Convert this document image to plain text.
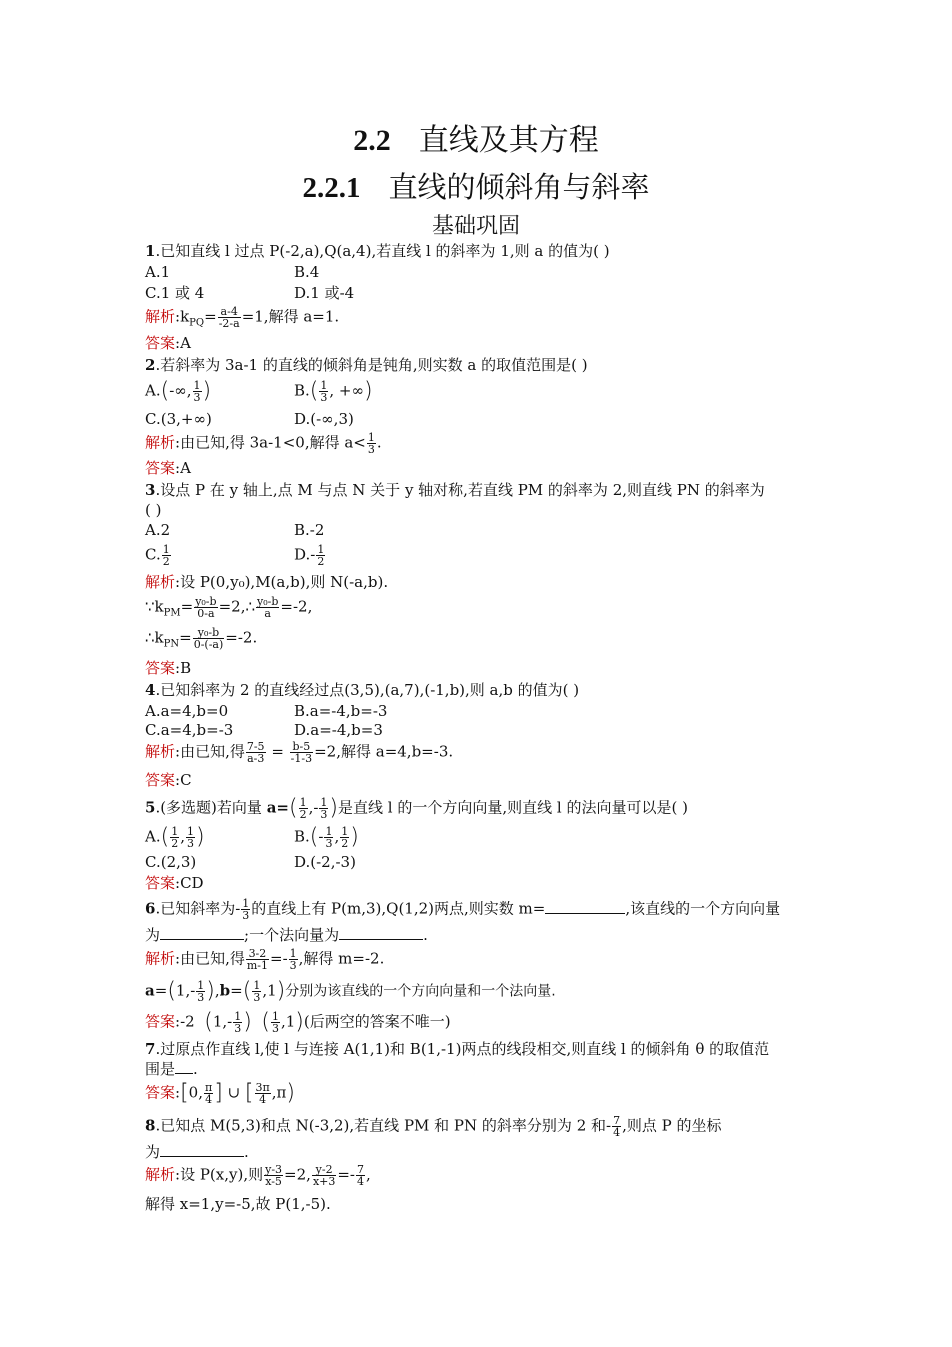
2.2 直线及其方程
2.2.1 直线的倾斜角与斜率
基础巩固
1.已知直线 l 过点 P(-2,a),Q(a,4),若直线 l 的斜率为 1,则 a 的值为( )
A.1	B.4
C.1 或 4	D.1 或-4
解析$:k_{PQ}= \frac{a-4}{-2-a} =1$,解得 a=1.
答案:A
2.若斜率为 3a-1 的直线的倾斜角是钝角,则实数 a 的取值范围是( )
A.(-∞, $\frac{1}{3}$ )	$B.( \frac{1}{3}$ , +∞)
C.(3,+∞)	D.(-∞,3)
解析:由已知,得 3a-1<0,解得 $a< \frac{1}{3}$ .
答案:A
3.设点 P 在 y 轴上,点 M 与点 N 关于 y 轴对称,若直线 PM 的斜率为 2,则直线 PN 的斜率为
( )
A.2	B.-2
C. $\frac{1}{2}$	$D.- \frac{1}{2}$
解析:设 P(0,y₀),M(a,b),则 N(-a,b).
$\because k_{PM}= \frac{\text{y₀-b}}{0-a}$ =2,∴ $\frac{\text{y₀-b}}{a} =-2$,
$\therefore k_{PN}= \frac{\text{y₀-b}}{0-(-a)} =-2$.
答案:B
4.已知斜率为 2 的直线经过点(3,5),(a,7),(-1,b),则 a,b 的值为( )
A.a=4,b=0	B.a=-4,b=-3
C.a=4,b=-3	D.a=-4,b=3
解析:由已知,得 $\frac{7-5}{a-3} = \frac{b-5}{-1-3} =2$,解得 a=4,b=-3.
答案:C
5.(多选题)若向量 $a=( \frac{1}{2}$ ,- $\frac{1}{3}$ )是直线 l 的一个方向向量,则直线 l 的法向量可以是( )
$A.( \frac{1}{2}$ , $\frac{1}{3}$ )	$B.(- \frac{1}{3}$ , $\frac{1}{2}$ )
C.(2,3)	D.(-2,-3)
答案:CD
6.已知斜率为- $\frac{1}{3}$ 的直线上有 P(m,3),Q(1,2)两点,则实数 m=	,该直线的一个方向向量
为	;一个法向量为	.
解析:由已知,得 $\frac{3-2}{m-1} =- \frac{1}{3}$ ,解得 m=-2.
$a=(1,- \frac{1}{3} ),b=( \frac{1}{3} ,1)$分别为该直线的一个方向向量和一个法向量.
答案:-2 ($1,- \frac{1}{3}$ ) ( $\frac{1}{3} ,1$)(后两空的答案不唯一)
7.过原点作直线 l,使 l 与连接 A(1,1)和 B(1,-1)两点的线段相交,则直线 l 的倾斜角 θ 的取值范
围是 .
答案:[0, $\frac{\pi}{4}$ ] ∪ [ $\frac{3\pi}{4} ,\pi$)
8.已知点 M(5,3)和点 N(-3,2),若直线 PM 和 PN 的斜率分别为 2 和- $\frac{7}{4}$ ,则点 P 的坐标
为	.
解析:设 P(x,y),则 $\frac{y-3}{x-5} =2$, $\frac{y-2}{x+3} =- \frac{7}{4}$ ,
解得 x=1,y=-5,故 P(1,-5).
